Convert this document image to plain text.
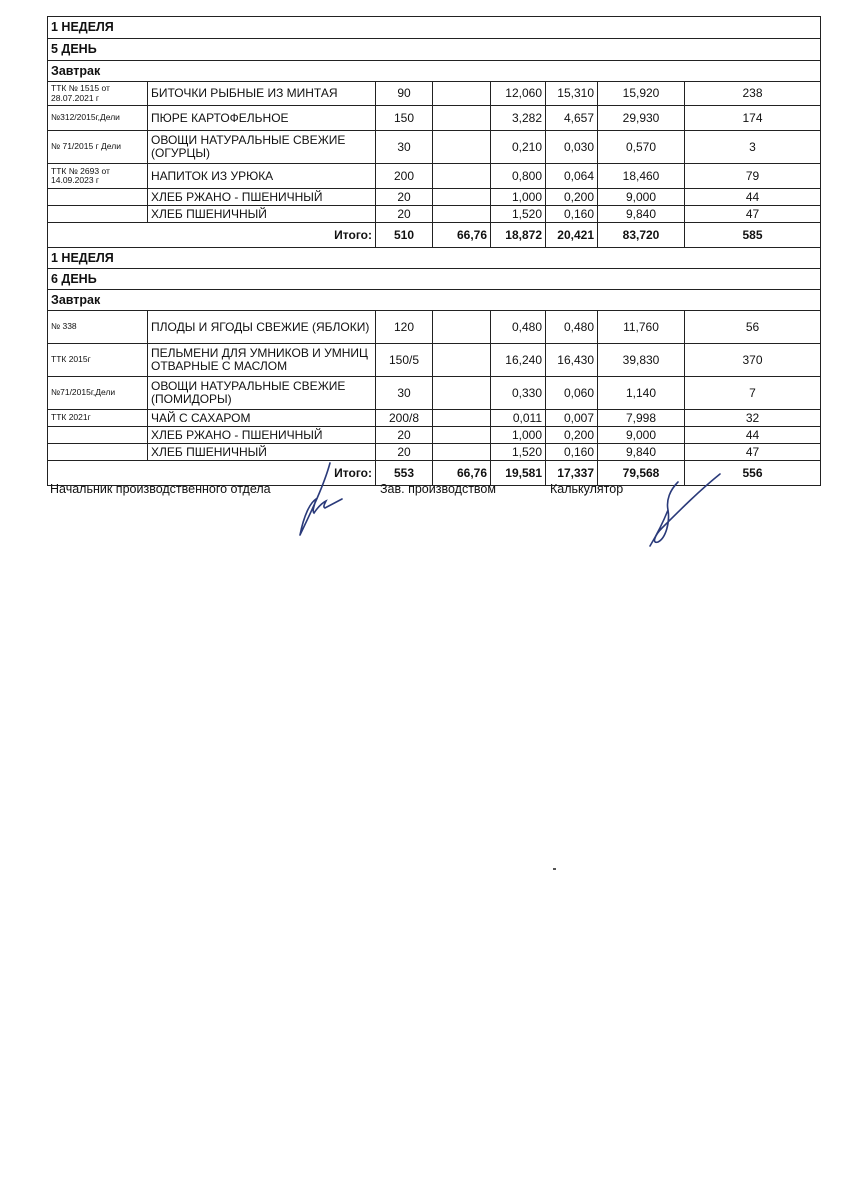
1 НЕДЕЛЯ							
5 ДЕНЬ							
Завтрак							
ТТК № 1515 от 28.07.2021 г	БИТОЧКИ РЫБНЫЕ ИЗ МИНТАЯ	90		12,060	15,310	15,920	238
№312/2015г,Дели	ПЮРЕ КАРТОФЕЛЬНОЕ	150		3,282	4,657	29,930	174
№ 71/2015 г Дели	ОВОЩИ НАТУРАЛЬНЫЕ СВЕЖИЕ (ОГУРЦЫ)	30		0,210	0,030	0,570	3
ТТК № 2693 от 14.09.2023 г	НАПИТОК ИЗ УРЮКА	200		0,800	0,064	18,460	79
	ХЛЕБ РЖАНО - ПШЕНИЧНЫЙ	20		1,000	0,200	9,000	44
	ХЛЕБ ПШЕНИЧНЫЙ	20		1,520	0,160	9,840	47
Итого:		510	66,76	18,872	20,421	83,720	585
1 НЕДЕЛЯ							
6 ДЕНЬ							
Завтрак							
№ 338	ПЛОДЫ И ЯГОДЫ СВЕЖИЕ (ЯБЛОКИ)	120		0,480	0,480	11,760	56
ТТК 2015г	ПЕЛЬМЕНИ ДЛЯ УМНИКОВ И УМНИЦ ОТВАРНЫЕ С МАСЛОМ	150/5		16,240	16,430	39,830	370
№71/2015г,Дели	ОВОЩИ НАТУРАЛЬНЫЕ СВЕЖИЕ (ПОМИДОРЫ)	30		0,330	0,060	1,140	7
ТТК 2021г	ЧАЙ С САХАРОМ	200/8		0,011	0,007	7,998	32
	ХЛЕБ РЖАНО - ПШЕНИЧНЫЙ	20		1,000	0,200	9,000	44
	ХЛЕБ ПШЕНИЧНЫЙ	20		1,520	0,160	9,840	47
Итого:		553	66,76	19,581	17,337	79,568	556
Начальник производственного отдела	Зав. производством	Калькулятор
